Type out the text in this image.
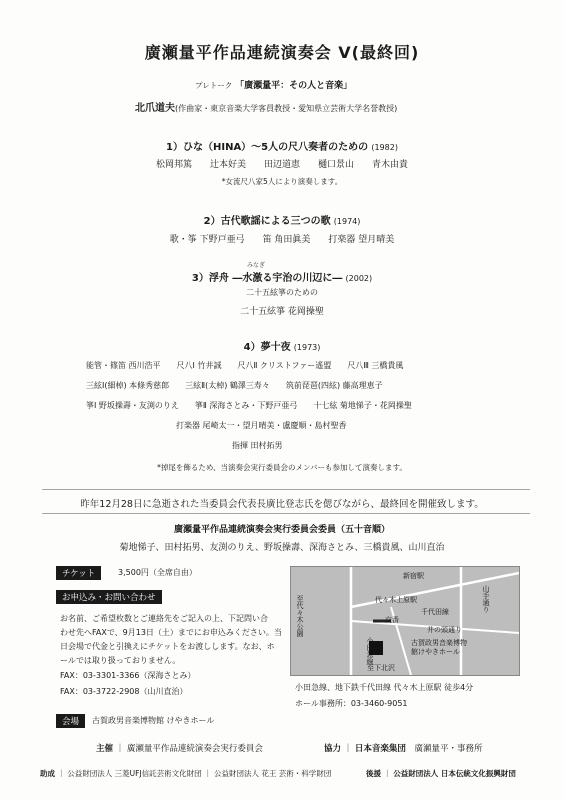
廣瀬量平作品連続演奏会 Ⅴ(最終回)
プレトーク 「廣瀬量平：その人と音楽」
北爪道夫(作曲家・東京音楽大学客員教授・愛知県立芸術大学名誉教授)
1）ひな（HINA）～5人の尺八奏者のための (1982)
松岡邦篤　　辻本好美　　田辺道恵　　樋口景山　　青木由貴
*女流尺八家5人により演奏します。
2）古代歌謡による三つの歌 (1974)
歌・筝 下野戸亜弓　　笛 角田眞美　　打楽器 望月晴美
みなぎ
3）浮舟 ―水激る宇治の川辺に― (2002)
二十五絃箏のための
二十五絃箏 花岡操聖
4）夢十夜 (1973)
能管・篠笛 西川浩平　　尺八Ⅰ 竹井誠　　尺八Ⅱ クリストファー遙盟　　尺八Ⅲ 三橋貴風
三絃Ⅰ(細棹) 本條秀慈郎　　三絃Ⅱ(太棹) 鶴澤三寿々　　筑前琵琶(四絃) 藤高理恵子
箏Ⅰ 野坂操壽・友渕のりえ　　箏Ⅱ 深海さとみ・下野戸亜弓　　十七絃 菊地悌子・花岡操聖
打楽器 尾崎太一・望月晴美・盧慶順・島村聖香
指揮 田村拓男
*掉尾を飾るため、当演奏会実行委員会のメンバーも参加して演奏します。
昨年12月28日に急逝された当委員会代表長廣比登志氏を偲びながら、最終回を開催致します。
廣瀬量平作品連続演奏会実行委員会委員（五十音順）
菊地悌子、田村拓男、友渕のりえ、野坂操壽、深海さとみ、三橋貴風、山川直治
チケット	3,500円（全席自由）
お申込み・お問い合わせ
お名前、ご希望枚数とご連絡先をご記入の上、下記問い合
わせ先へFAXで、9月13日（土）までにお申込みください。当
日会場で代金と引換えにチケットをお渡しします。なお、ホ
ールでは取り扱っておりません。
FAX：03-3301-3366（深海さとみ）
FAX：03-3722-2908（山川直治）
会場	古賀政男音楽博物館 けやきホール
新宿駅
代々木上原駅
千代田線
小田急線
交番
山手通り
井の頭通り
古賀政男音楽博物館けやきホール
至下北沢
至代々木公園
小田急線、地下鉄千代田線 代々木上原駅 徒歩4分
ホール事務所：03-3460-9051
主催 ｜ 廣瀬量平作品連続演奏会実行委員会	協力 ｜ 日本音楽集団　 廣瀬量平・事務所
助成 ｜ 公益財団法人 三菱UFJ信託芸術文化財団 ｜ 公益財団法人 花王 芸術・科学財団	後援 ｜ 公益財団法人 日本伝統文化振興財団
